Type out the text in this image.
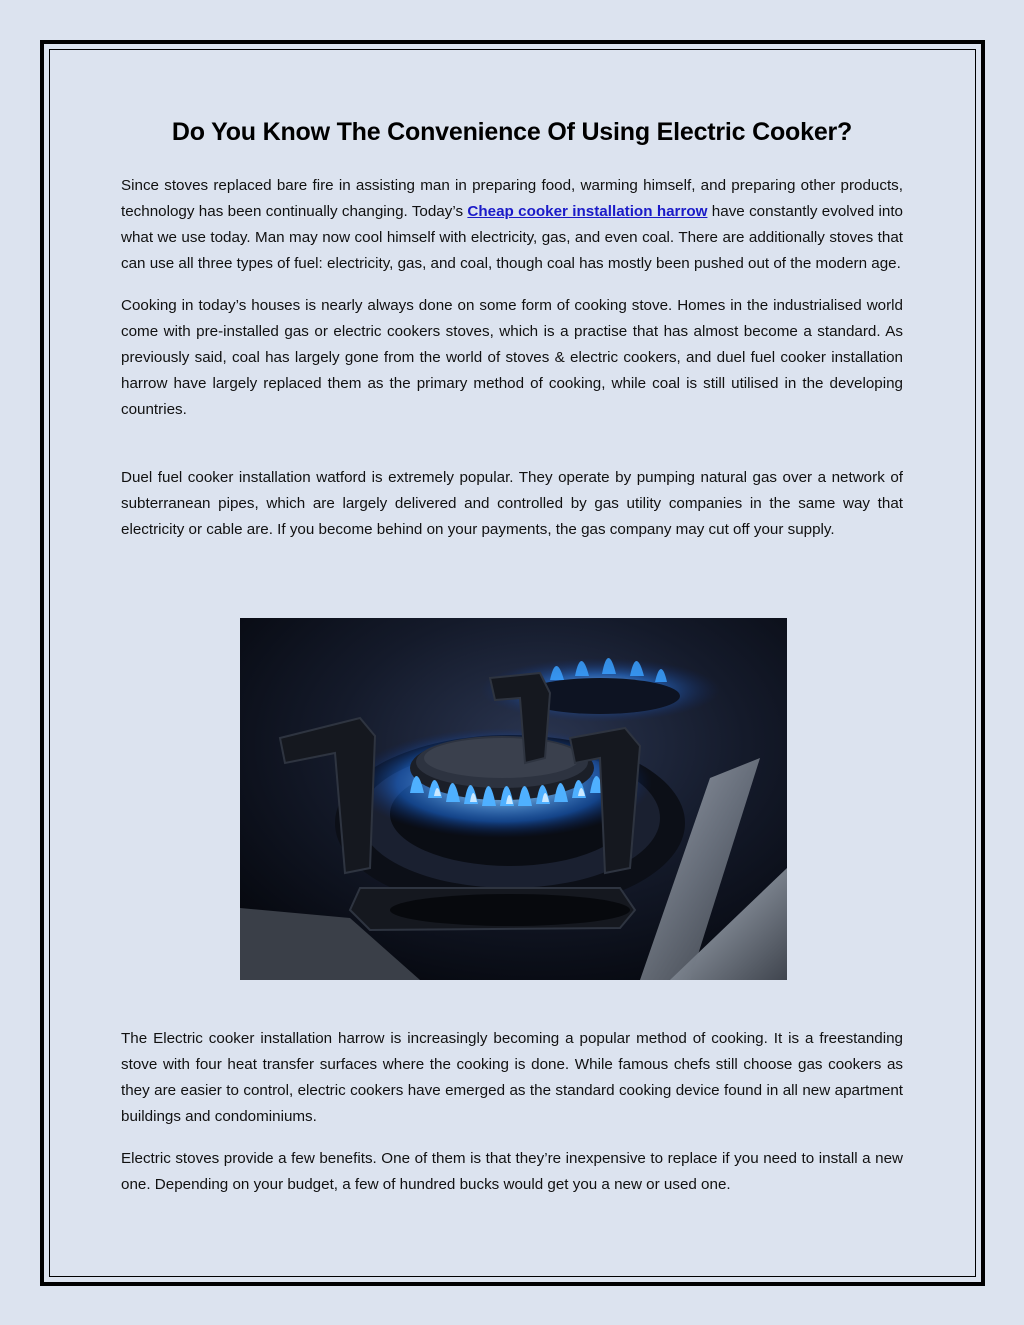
Do You Know The Convenience Of Using Electric Cooker?

Since stoves replaced bare fire in assisting man in preparing food, warming himself, and preparing other products, technology has been continually changing. Today’s Cheap cooker installation harrow have constantly evolved into what we use today. Man may now cool himself with electricity, gas, and even coal. There are additionally stoves that can use all three types of fuel: electricity, gas, and coal, though coal has mostly been pushed out of the modern age.

Cooking in today’s houses is nearly always done on some form of cooking stove. Homes in the industrialised world come with pre-installed gas or electric cookers stoves, which is a practise that has almost become a standard. As previously said, coal has largely gone from the world of stoves & electric cookers, and duel fuel cooker installation harrow have largely replaced them as the primary method of cooking, while coal is still utilised in the developing countries.

Duel fuel cooker installation watford is extremely popular. They operate by pumping natural gas over a network of subterranean pipes, which are largely delivered and controlled by gas utility companies in the same way that electricity or cable are. If you become behind on your payments, the gas company may cut off your supply.

The Electric cooker installation harrow is increasingly becoming a popular method of cooking. It is a freestanding stove with four heat transfer surfaces where the cooking is done. While famous chefs still choose gas cookers as they are easier to control, electric cookers have emerged as the standard cooking device found in all new apartment buildings and condominiums.

Electric stoves provide a few benefits. One of them is that they’re inexpensive to replace if you need to install a new one. Depending on your budget, a few of hundred bucks would get you a new or used one.
